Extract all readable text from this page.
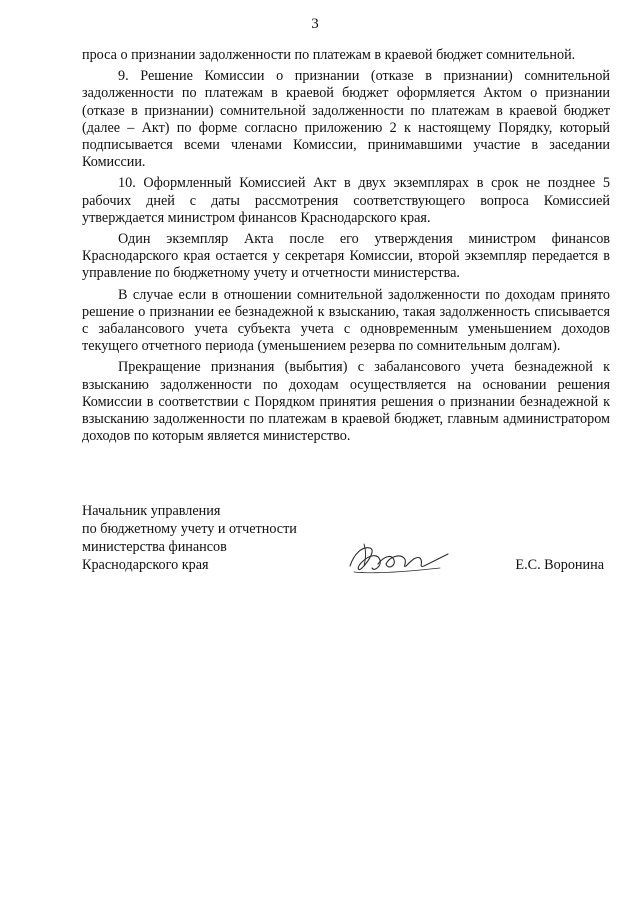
3

проса о признании задолженности по платежам в краевой бюджет сомнительной.

9. Решение Комиссии о признании (отказе в признании) сомнительной задолженности по платежам в краевой бюджет оформляется Актом о признании (отказе в признании) сомнительной задолженности по платежам в краевой бюджет (далее – Акт) по форме согласно приложению 2 к настоящему Порядку, который подписывается всеми членами Комиссии, принимавшими участие в заседании Комиссии.

10. Оформленный Комиссией Акт в двух экземплярах в срок не позднее 5 рабочих дней с даты рассмотрения соответствующего вопроса Комиссией утверждается министром финансов Краснодарского края.

Один экземпляр Акта после его утверждения министром финансов Краснодарского края остается у секретаря Комиссии, второй экземпляр передается в управление по бюджетному учету и отчетности министерства.

В случае если в отношении сомнительной задолженности по доходам принято решение о признании ее безнадежной к взысканию, такая задолженность списывается с забалансового учета субъекта учета с одновременным уменьшением доходов текущего отчетного периода (уменьшением резерва по сомнительным долгам).

Прекращение признания (выбытия) с забалансового учета безнадежной к взысканию задолженности по доходам осуществляется на основании решения Комиссии в соответствии с Порядком принятия решения о признании безнадежной к взысканию задолженности по платежам в краевой бюджет, главным администратором доходов по которым является министерство.

Начальник управления
по бюджетному учету и отчетности
министерства финансов
Краснодарского края	Е.С. Воронина
